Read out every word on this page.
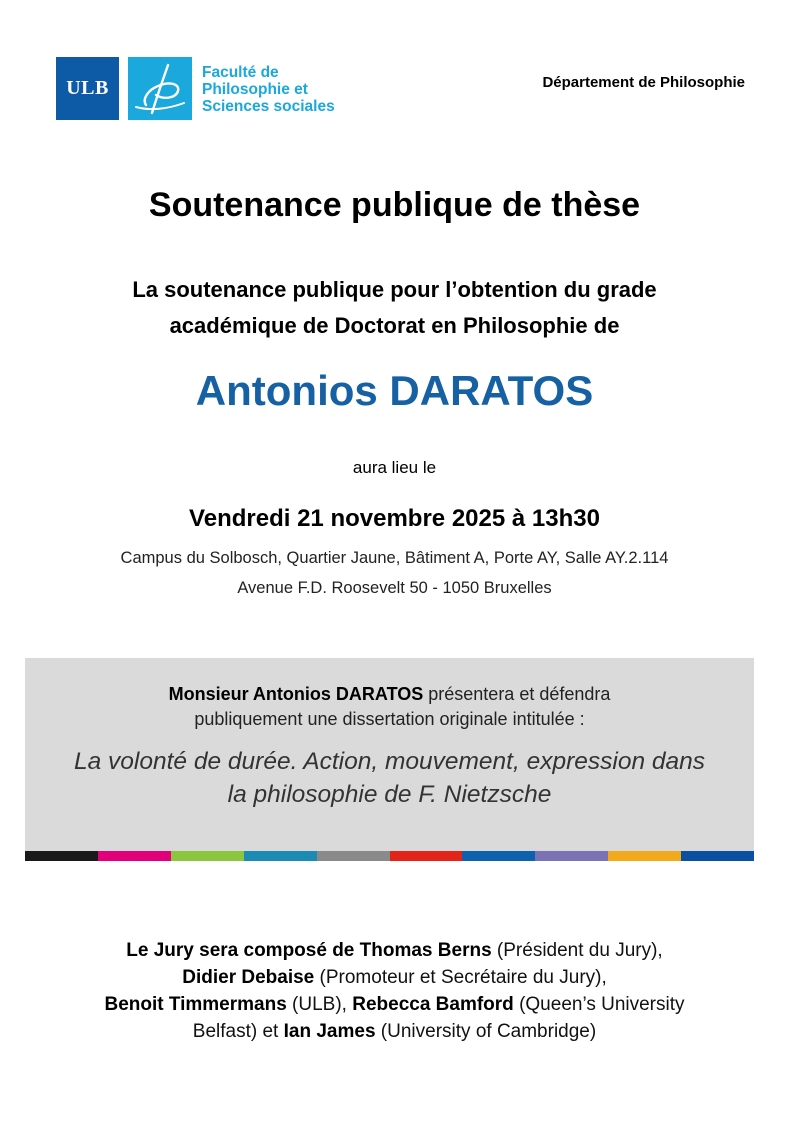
ULB
Faculté de
Philosophie et
Sciences sociales
Département de Philosophie
Soutenance publique de thèse
La soutenance publique pour l’obtention du grade
académique de Doctorat en Philosophie de
Antonios DARATOS
aura lieu le
Vendredi 21 novembre 2025 à 13h30
Campus du Solbosch, Quartier Jaune, Bâtiment A, Porte AY, Salle AY.2.114
Avenue F.D. Roosevelt 50 - 1050 Bruxelles
Monsieur Antonios DARATOS présentera et défendra
publiquement une dissertation originale intitulée :
La volonté de durée. Action, mouvement, expression dans
la philosophie de F. Nietzsche
Le Jury sera composé de Thomas Berns (Président du Jury),
Didier Debaise (Promoteur et Secrétaire du Jury),
Benoit Timmermans (ULB), Rebecca Bamford (Queen’s University
Belfast) et Ian James (University of Cambridge)
